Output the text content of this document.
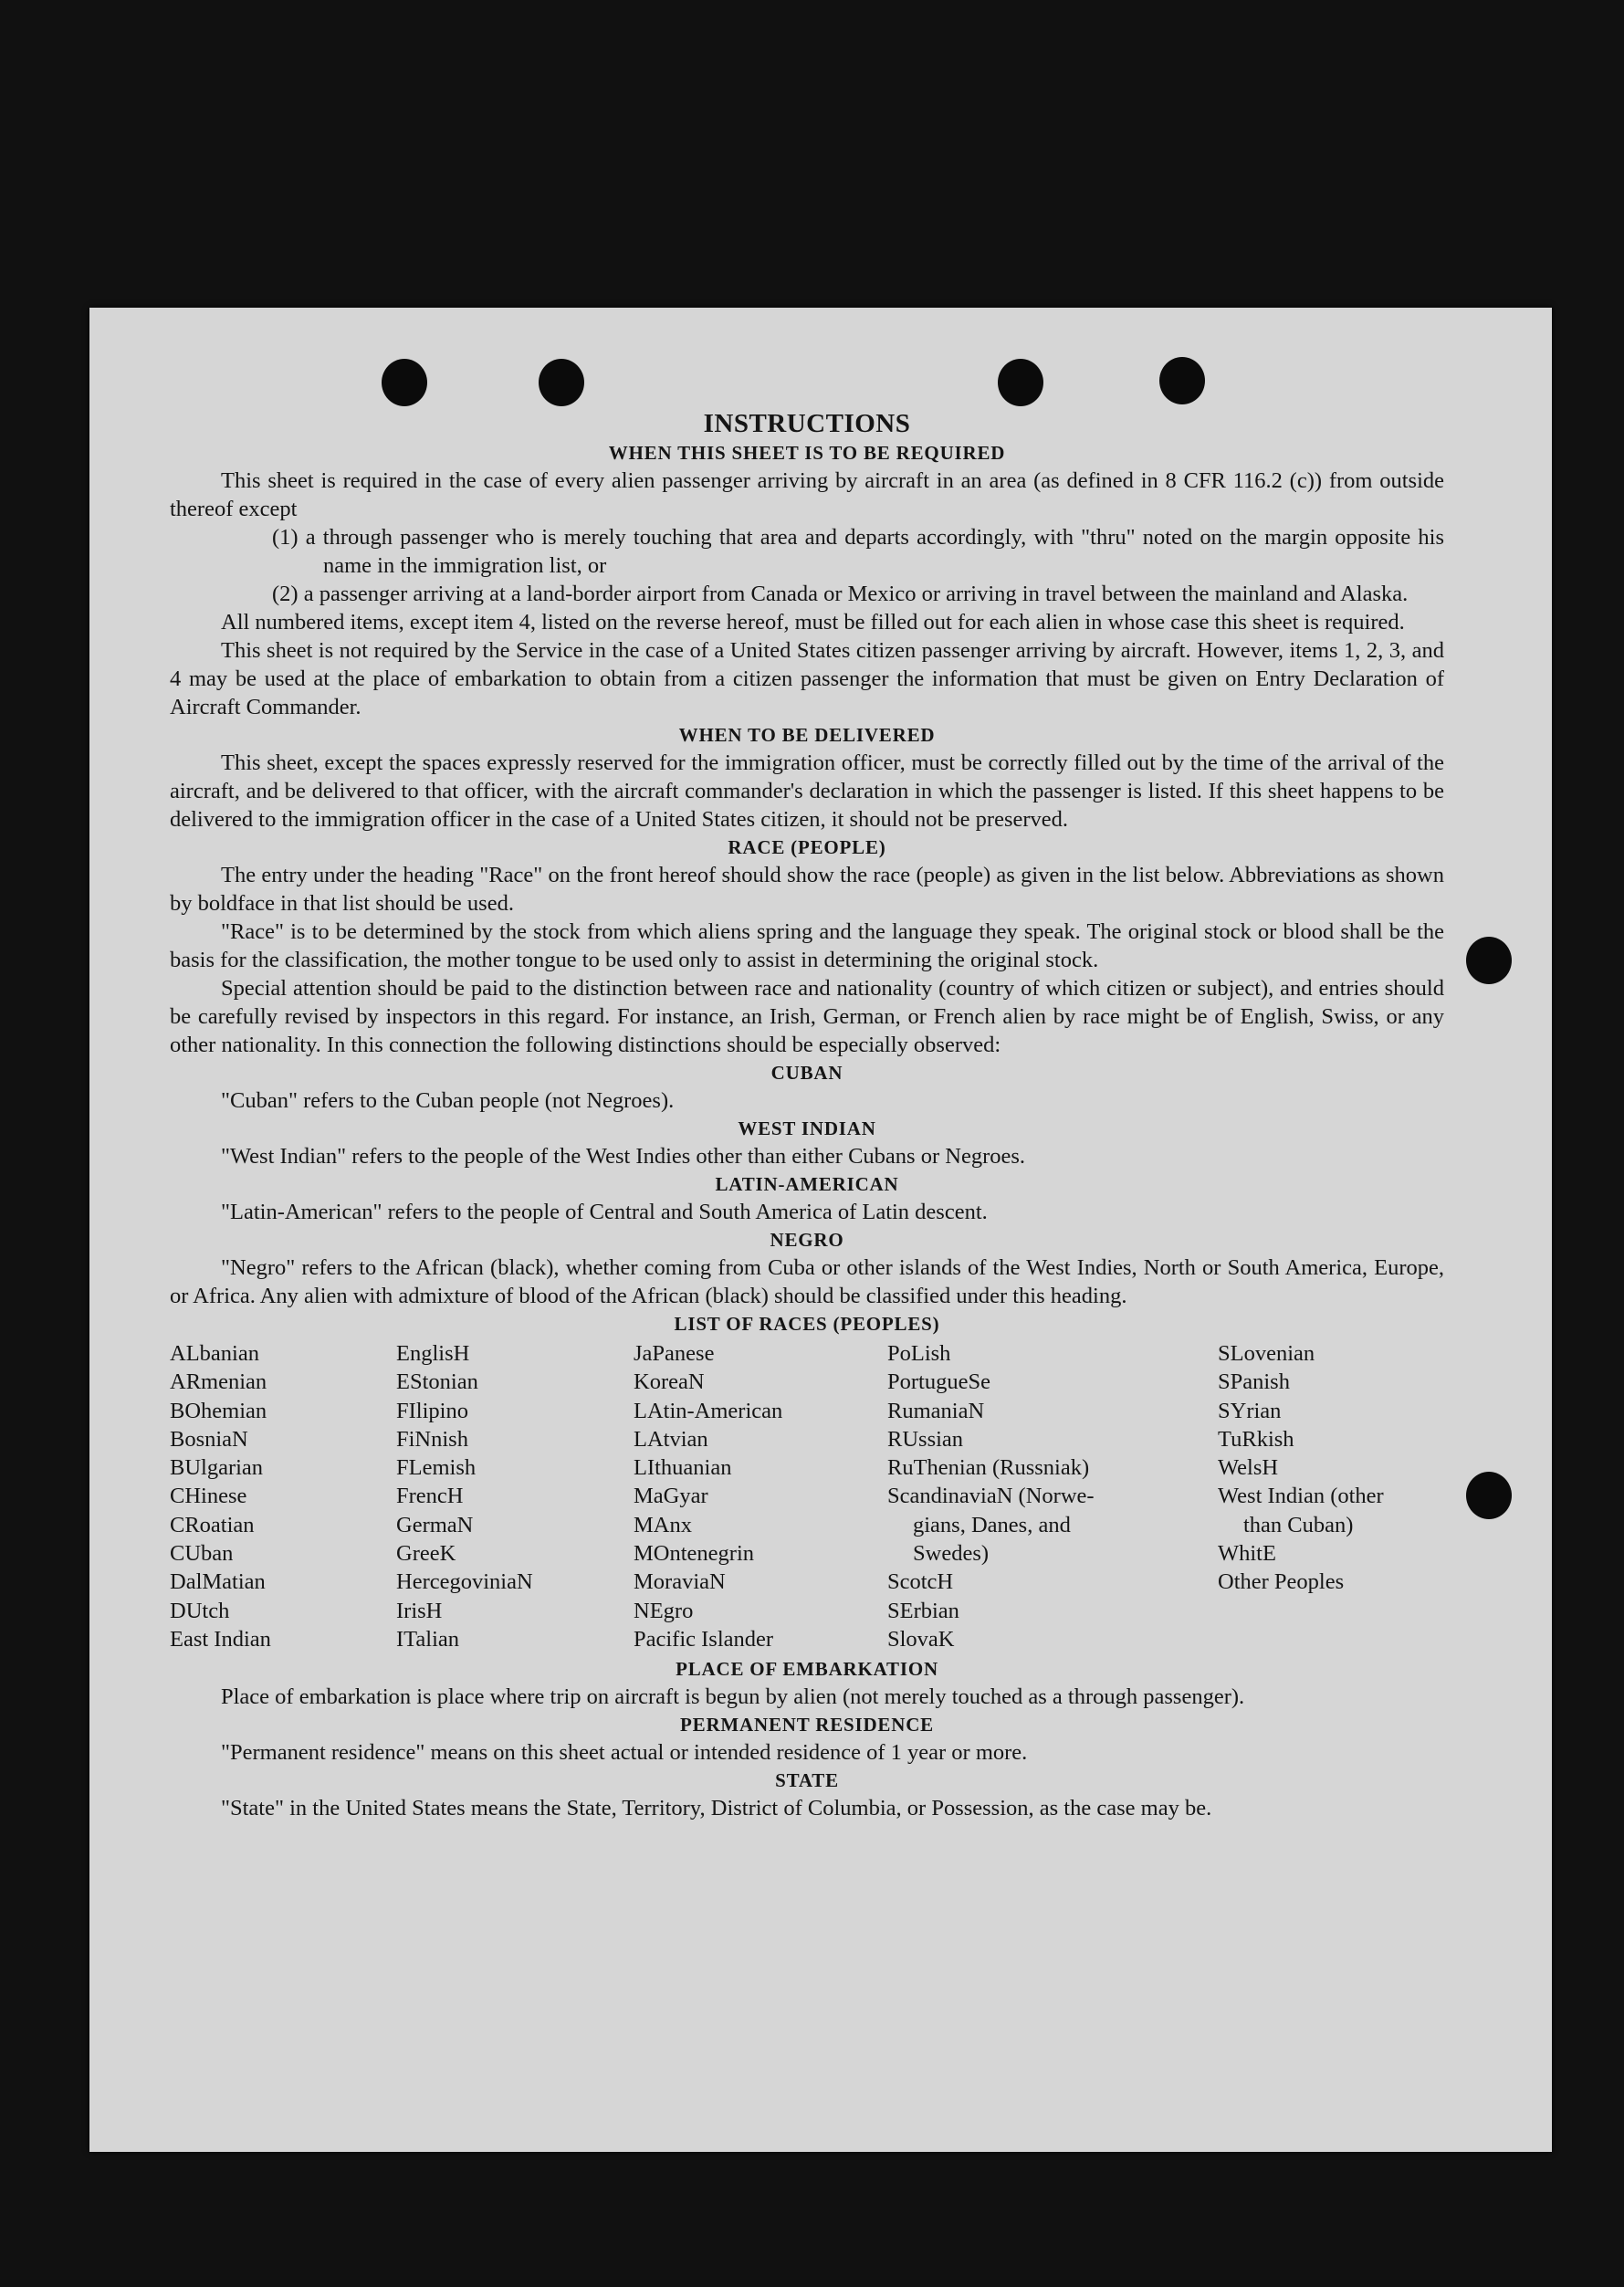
INSTRUCTIONS
WHEN THIS SHEET IS TO BE REQUIRED

This sheet is required in the case of every alien passenger arriving by aircraft in an area (as defined in 8 CFR 116.2 (c)) from outside thereof except

(1) a through passenger who is merely touching that area and departs accordingly, with "thru" noted on the margin opposite his name in the immigration list, or

(2) a passenger arriving at a land-border airport from Canada or Mexico or arriving in travel between the mainland and Alaska.

All numbered items, except item 4, listed on the reverse hereof, must be filled out for each alien in whose case this sheet is required.

This sheet is not required by the Service in the case of a United States citizen passenger arriving by aircraft. However, items 1, 2, 3, and 4 may be used at the place of embarkation to obtain from a citizen passenger the information that must be given on Entry Declaration of Aircraft Commander.

WHEN TO BE DELIVERED

This sheet, except the spaces expressly reserved for the immigration officer, must be correctly filled out by the time of the arrival of the aircraft, and be delivered to that officer, with the aircraft commander's declaration in which the passenger is listed. If this sheet happens to be delivered to the immigration officer in the case of a United States citizen, it should not be preserved.

RACE (PEOPLE)

The entry under the heading "Race" on the front hereof should show the race (people) as given in the list below. Abbreviations as shown by boldface in that list should be used.

"Race" is to be determined by the stock from which aliens spring and the language they speak. The original stock or blood shall be the basis for the classification, the mother tongue to be used only to assist in determining the original stock.

Special attention should be paid to the distinction between race and nationality (country of which citizen or subject), and entries should be carefully revised by inspectors in this regard. For instance, an Irish, German, or French alien by race might be of English, Swiss, or any other nationality. In this connection the following distinctions should be especially observed:

CUBAN

"Cuban" refers to the Cuban people (not Negroes).

WEST INDIAN

"West Indian" refers to the people of the West Indies other than either Cubans or Negroes.

LATIN-AMERICAN

"Latin-American" refers to the people of Central and South America of Latin descent.

NEGRO

"Negro" refers to the African (black), whether coming from Cuba or other islands of the West Indies, North or South America, Europe, or Africa. Any alien with admixture of blood of the African (black) should be classified under this heading.

LIST OF RACES (PEOPLES)
ALbanian
ARmenian
BOhemian
BosniaN
BUlgarian
CHinese
CRoatian
CUban
DalMatian
DUtch
East Indian
EnglisH
EStonian
FIlipino
FiNnish
FLemish
FrencH
GermaN
GreeK
HercegoviniaN
IrisH
ITalian
JaPanese
KoreaN
LAtin-American
LAtvian
LIthuanian
MaGyar
MAnx
MOntenegrin
MoraviaN
NEgro
Pacific Islander
PoLish
PortugueSe
RumaniaN
RUssian
RuThenian (Russniak)
ScandinaviaN (Norwe-
gians, Danes, and
Swedes)
ScotcH
SErbian
SlovaK
SLovenian
SPanish
SYrian
TuRkish
WelsH
West Indian (other
than Cuban)
WhitE
Other Peoples
PLACE OF EMBARKATION

Place of embarkation is place where trip on aircraft is begun by alien (not merely touched as a through passenger).

PERMANENT RESIDENCE

"Permanent residence" means on this sheet actual or intended residence of 1 year or more.

STATE

"State" in the United States means the State, Territory, District of Columbia, or Possession, as the case may be.
